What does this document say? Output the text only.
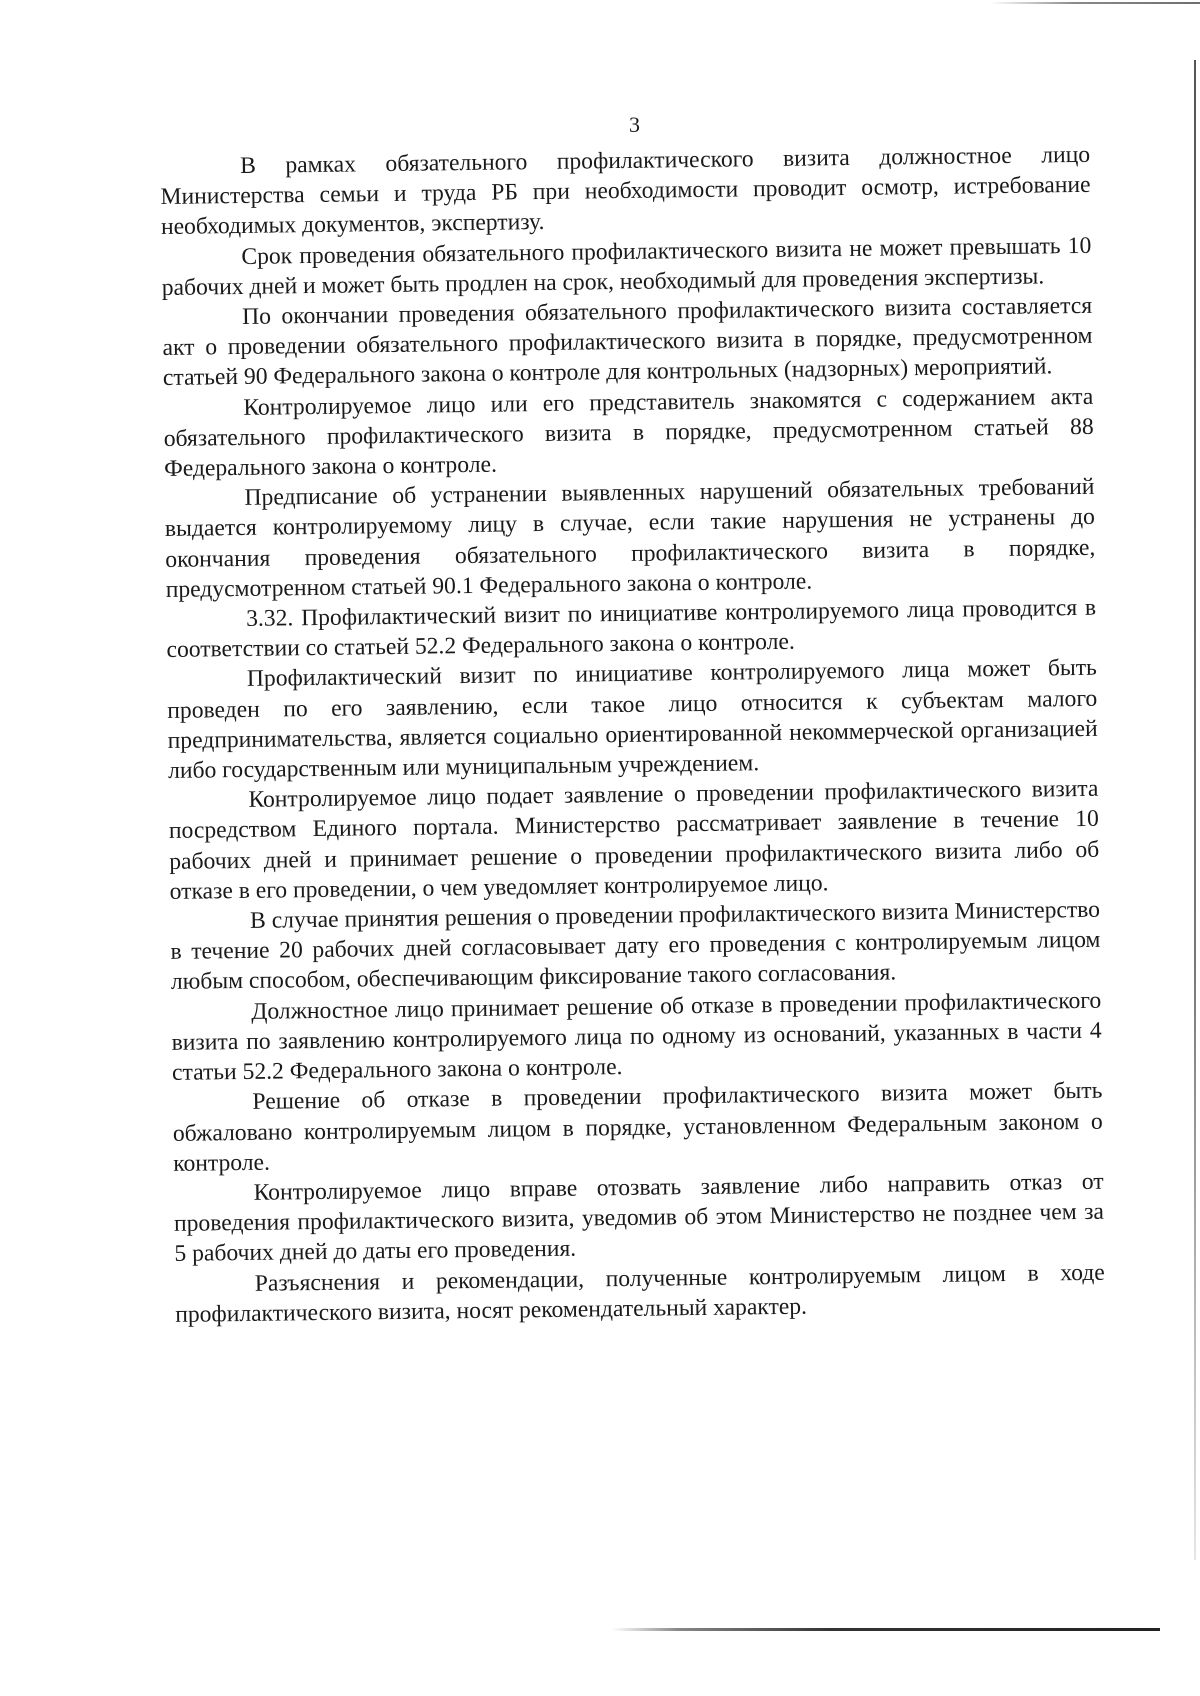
3

В рамках обязательного профилактического визита должностное лицо Министерства семьи и труда РБ при необходимости проводит осмотр, истребование необходимых документов, экспертизу.

Срок проведения обязательного профилактического визита не может превышать 10 рабочих дней и может быть продлен на срок, необходимый для проведения экспертизы.

По окончании проведения обязательного профилактического визита составляется акт о проведении обязательного профилактического визита в порядке, предусмотренном статьей 90 Федерального закона о контроле для контрольных (надзорных) мероприятий.

Контролируемое лицо или его представитель знакомятся с содержанием акта обязательного профилактического визита в порядке, предусмотренном статьей 88 Федерального закона о контроле.

Предписание об устранении выявленных нарушений обязательных требований выдается контролируемому лицу в случае, если такие нарушения не устранены до окончания проведения обязательного профилактического визита в порядке, предусмотренном статьей 90.1 Федерального закона о контроле.

3.32. Профилактический визит по инициативе контролируемого лица проводится в соответствии со статьей 52.2 Федерального закона о контроле.

Профилактический визит по инициативе контролируемого лица может быть проведен по его заявлению, если такое лицо относится к субъектам малого предпринимательства, является социально ориентированной некоммерческой организацией либо государственным или муниципальным учреждением.

Контролируемое лицо подает заявление о проведении профилактического визита посредством Единого портала. Министерство рассматривает заявление в течение 10 рабочих дней и принимает решение о проведении профилактического визита либо об отказе в его проведении, о чем уведомляет контролируемое лицо.

В случае принятия решения о проведении профилактического визита Министерство в течение 20 рабочих дней согласовывает дату его проведения с контролируемым лицом любым способом, обеспечивающим фиксирование такого согласования.

Должностное лицо принимает решение об отказе в проведении профилактического визита по заявлению контролируемого лица по одному из оснований, указанных в части 4 статьи 52.2 Федерального закона о контроле.

Решение об отказе в проведении профилактического визита может быть обжаловано контролируемым лицом в порядке, установленном Федеральным законом о контроле.

Контролируемое лицо вправе отозвать заявление либо направить отказ от проведения профилактического визита, уведомив об этом Министерство не позднее чем за 5 рабочих дней до даты его проведения.

Разъяснения и рекомендации, полученные контролируемым лицом в ходе профилактического визита, носят рекомендательный характер.
